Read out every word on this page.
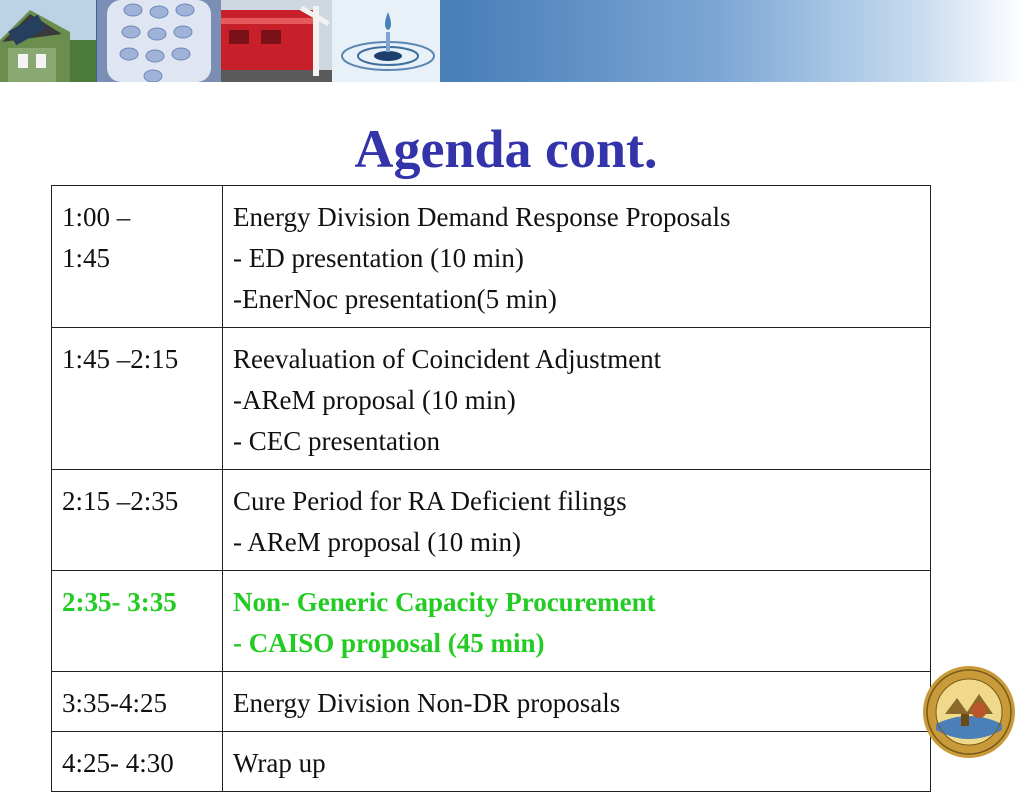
Agenda cont.
1:00 –
1:45	Energy Division Demand Response Proposals
- ED presentation (10 min)
-EnerNoc presentation(5 min)

1:45 –2:15	Reevaluation of Coincident Adjustment
-AReM proposal (10 min)
- CEC presentation

2:15 –2:35	Cure Period for RA Deficient filings
- AReM proposal (10 min)

2:35- 3:35	Non- Generic Capacity Procurement
- CAISO proposal (45 min)

3:35-4:25	Energy Division Non-DR proposals

4:25- 4:30	Wrap up
